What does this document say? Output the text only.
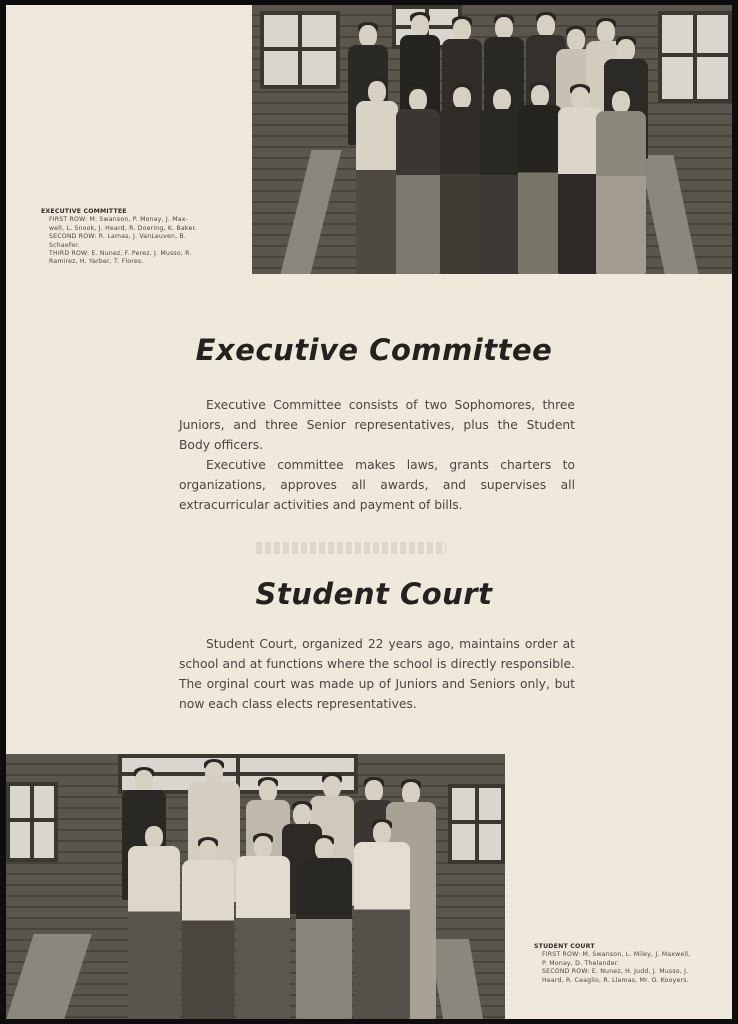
EXECUTIVE COMMITTEE
FIRST ROW: M. Swanson, P. Monay, J. Max-
well, L. Snook, J. Heard, R. Doering, K. Baker.
SECOND ROW: R. Lamas, J. VanLeuven, B.
Schaefer.
THIRD ROW: E. Nunez, F. Perez, J. Musso, R.
Ramirez, H. Yarber, T. Flores.
Executive Committee

Executive Committee consists of two Sophomores, three Juniors, and three Senior representatives, plus the Student Body officers.

Executive committee makes laws, grants charters to organizations, approves all awards, and supervises all extracurricular activities and payment of bills.

Student Court

Student Court, organized 22 years ago, maintains order at school and at functions where the school is directly responsible. The orginal court was made up of Juniors and Seniors only, but now each class elects representatives.

STUDENT COURT
FIRST ROW: M. Swanson, L. Miley, J. Maxwell,
P. Monay, D. Thelander.
SECOND ROW: E. Nunez, H. Judd, J. Musso, J.
Heard, R. Ceaglio, R. Llamas, Mr. O. Kooyers.
